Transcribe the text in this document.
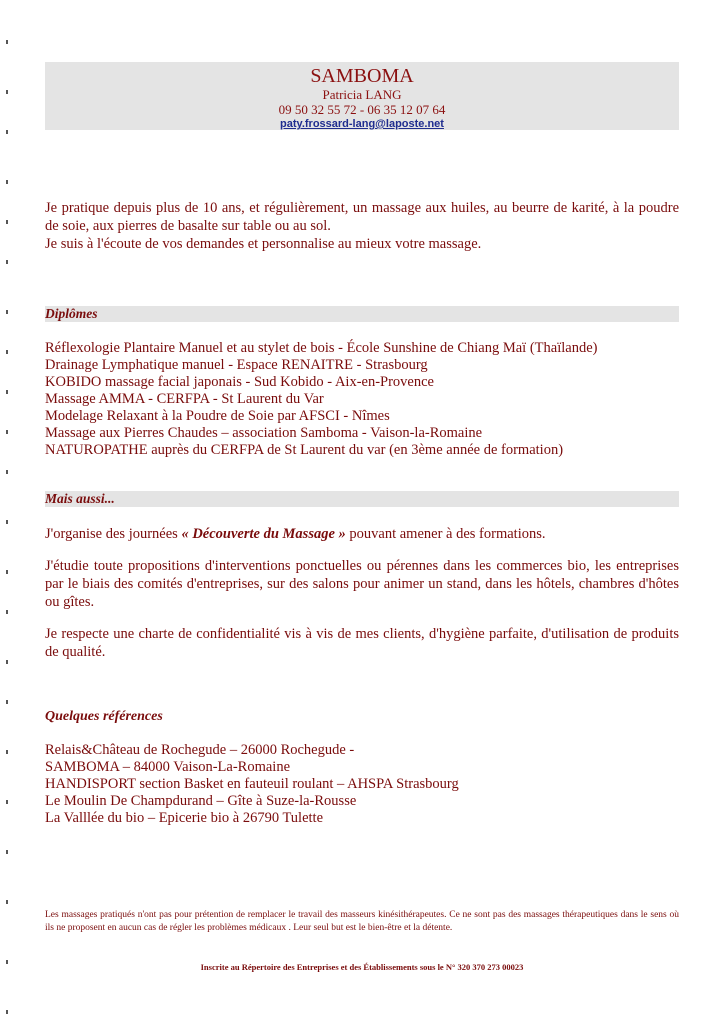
SAMBOMA
Patricia LANG
09 50 32 55 72 - 06 35 12 07 64
paty.frossard-lang@laposte.net
Je pratique depuis plus de 10 ans, et régulièrement, un massage aux huiles, au beurre de karité, à la poudre de soie, aux pierres de basalte sur table ou au sol.
Je suis à l'écoute de vos demandes et personnalise au mieux votre massage.
Diplômes
Réflexologie Plantaire Manuel et au stylet de bois - École Sunshine de Chiang Maï (Thaïlande)
Drainage Lymphatique manuel - Espace RENAITRE - Strasbourg
KOBIDO massage facial japonais - Sud Kobido - Aix-en-Provence
Massage AMMA - CERFPA - St Laurent du Var
Modelage Relaxant à la Poudre de Soie par AFSCI - Nîmes
Massage aux Pierres Chaudes – association Samboma - Vaison-la-Romaine
NATUROPATHE auprès du CERFPA de St Laurent du var (en 3ème année de formation)
Mais aussi...
J'organise des journées « Découverte du Massage » pouvant amener à des formations.
J'étudie toute propositions d'interventions ponctuelles ou pérennes dans les commerces bio, les entreprises par le biais des comités d'entreprises, sur des salons pour animer un stand, dans les hôtels, chambres d'hôtes ou gîtes.
Je respecte une charte de confidentialité vis à vis de mes clients, d'hygiène parfaite, d'utilisation de produits de qualité.
Quelques références
Relais&Château de Rochegude – 26000 Rochegude -
SAMBOMA – 84000 Vaison-La-Romaine
HANDISPORT section Basket en fauteuil roulant – AHSPA Strasbourg
Le Moulin De Champdurand – Gîte à Suze-la-Rousse
La Valllée du bio – Epicerie bio à 26790 Tulette
Les massages pratiqués n'ont pas pour prétention de remplacer le travail des masseurs kinésithérapeutes. Ce ne sont pas des massages thérapeutiques dans le sens où ils ne proposent en aucun cas de régler les problèmes médicaux . Leur seul but est le bien-être et la détente.
Inscrite au Répertoire des Entreprises et des Établissements sous le N° 320 370 273 00023
